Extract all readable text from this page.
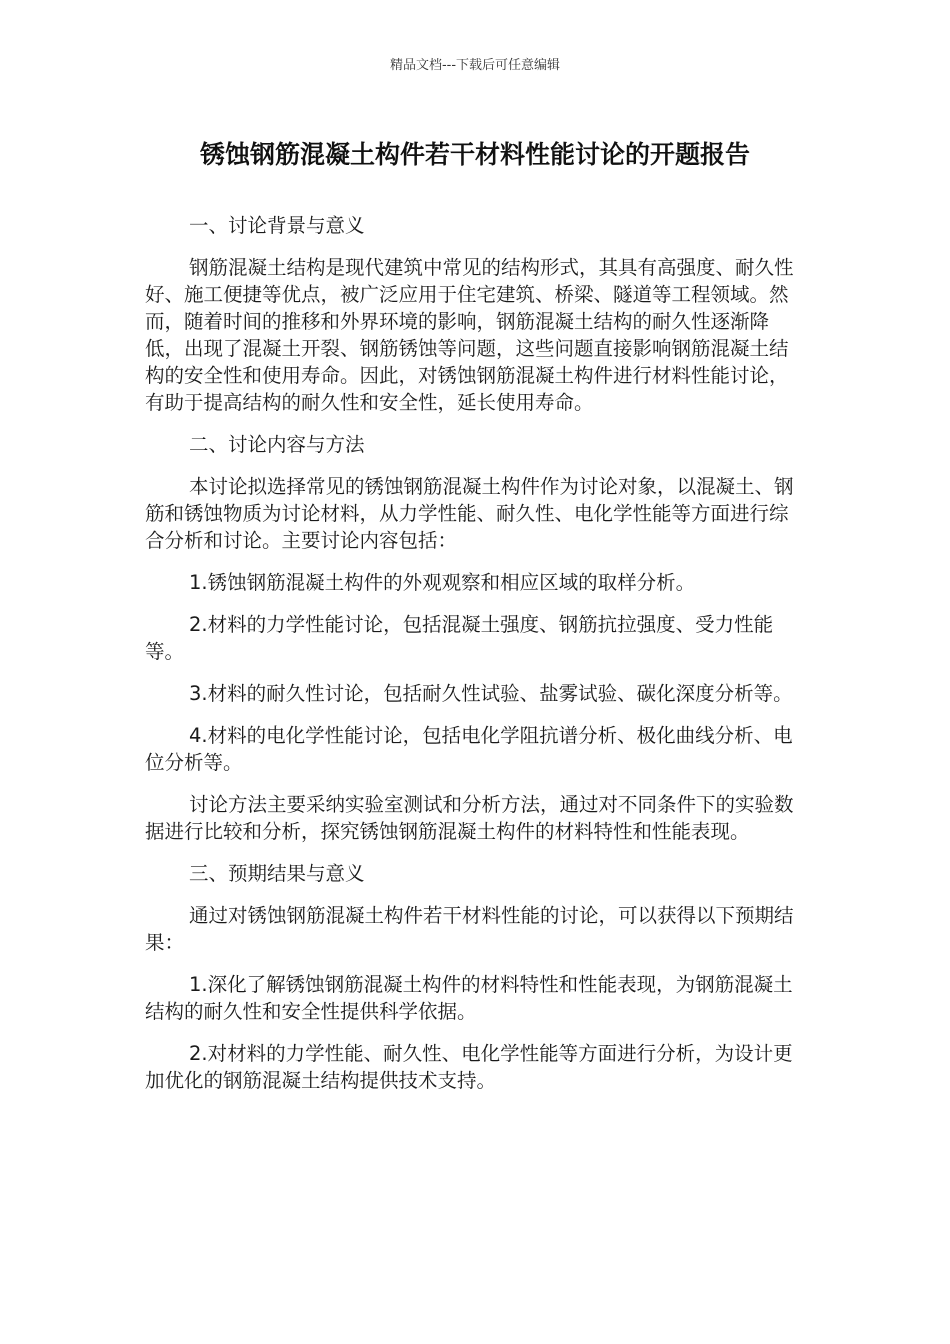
精品文档---下载后可任意编辑
锈蚀钢筋混凝土构件若干材料性能讨论的开题报告

一、讨论背景与意义

钢筋混凝土结构是现代建筑中常见的结构形式，其具有高强度、耐久性好、施工便捷等优点，被广泛应用于住宅建筑、桥梁、隧道等工程领域。然而，随着时间的推移和外界环境的影响，钢筋混凝土结构的耐久性逐渐降低，出现了混凝土开裂、钢筋锈蚀等问题，这些问题直接影响钢筋混凝土结构的安全性和使用寿命。因此，对锈蚀钢筋混凝土构件进行材料性能讨论，有助于提高结构的耐久性和安全性，延长使用寿命。

二、讨论内容与方法

本讨论拟选择常见的锈蚀钢筋混凝土构件作为讨论对象，以混凝土、钢筋和锈蚀物质为讨论材料，从力学性能、耐久性、电化学性能等方面进行综合分析和讨论。主要讨论内容包括：

1.锈蚀钢筋混凝土构件的外观观察和相应区域的取样分析。

2.材料的力学性能讨论，包括混凝土强度、钢筋抗拉强度、受力性能等。

3.材料的耐久性讨论，包括耐久性试验、盐雾试验、碳化深度分析等。

4.材料的电化学性能讨论，包括电化学阻抗谱分析、极化曲线分析、电位分析等。

讨论方法主要采纳实验室测试和分析方法，通过对不同条件下的实验数据进行比较和分析，探究锈蚀钢筋混凝土构件的材料特性和性能表现。

三、预期结果与意义

通过对锈蚀钢筋混凝土构件若干材料性能的讨论，可以获得以下预期结果：

1.深化了解锈蚀钢筋混凝土构件的材料特性和性能表现，为钢筋混凝土结构的耐久性和安全性提供科学依据。

2.对材料的力学性能、耐久性、电化学性能等方面进行分析，为设计更加优化的钢筋混凝土结构提供技术支持。
